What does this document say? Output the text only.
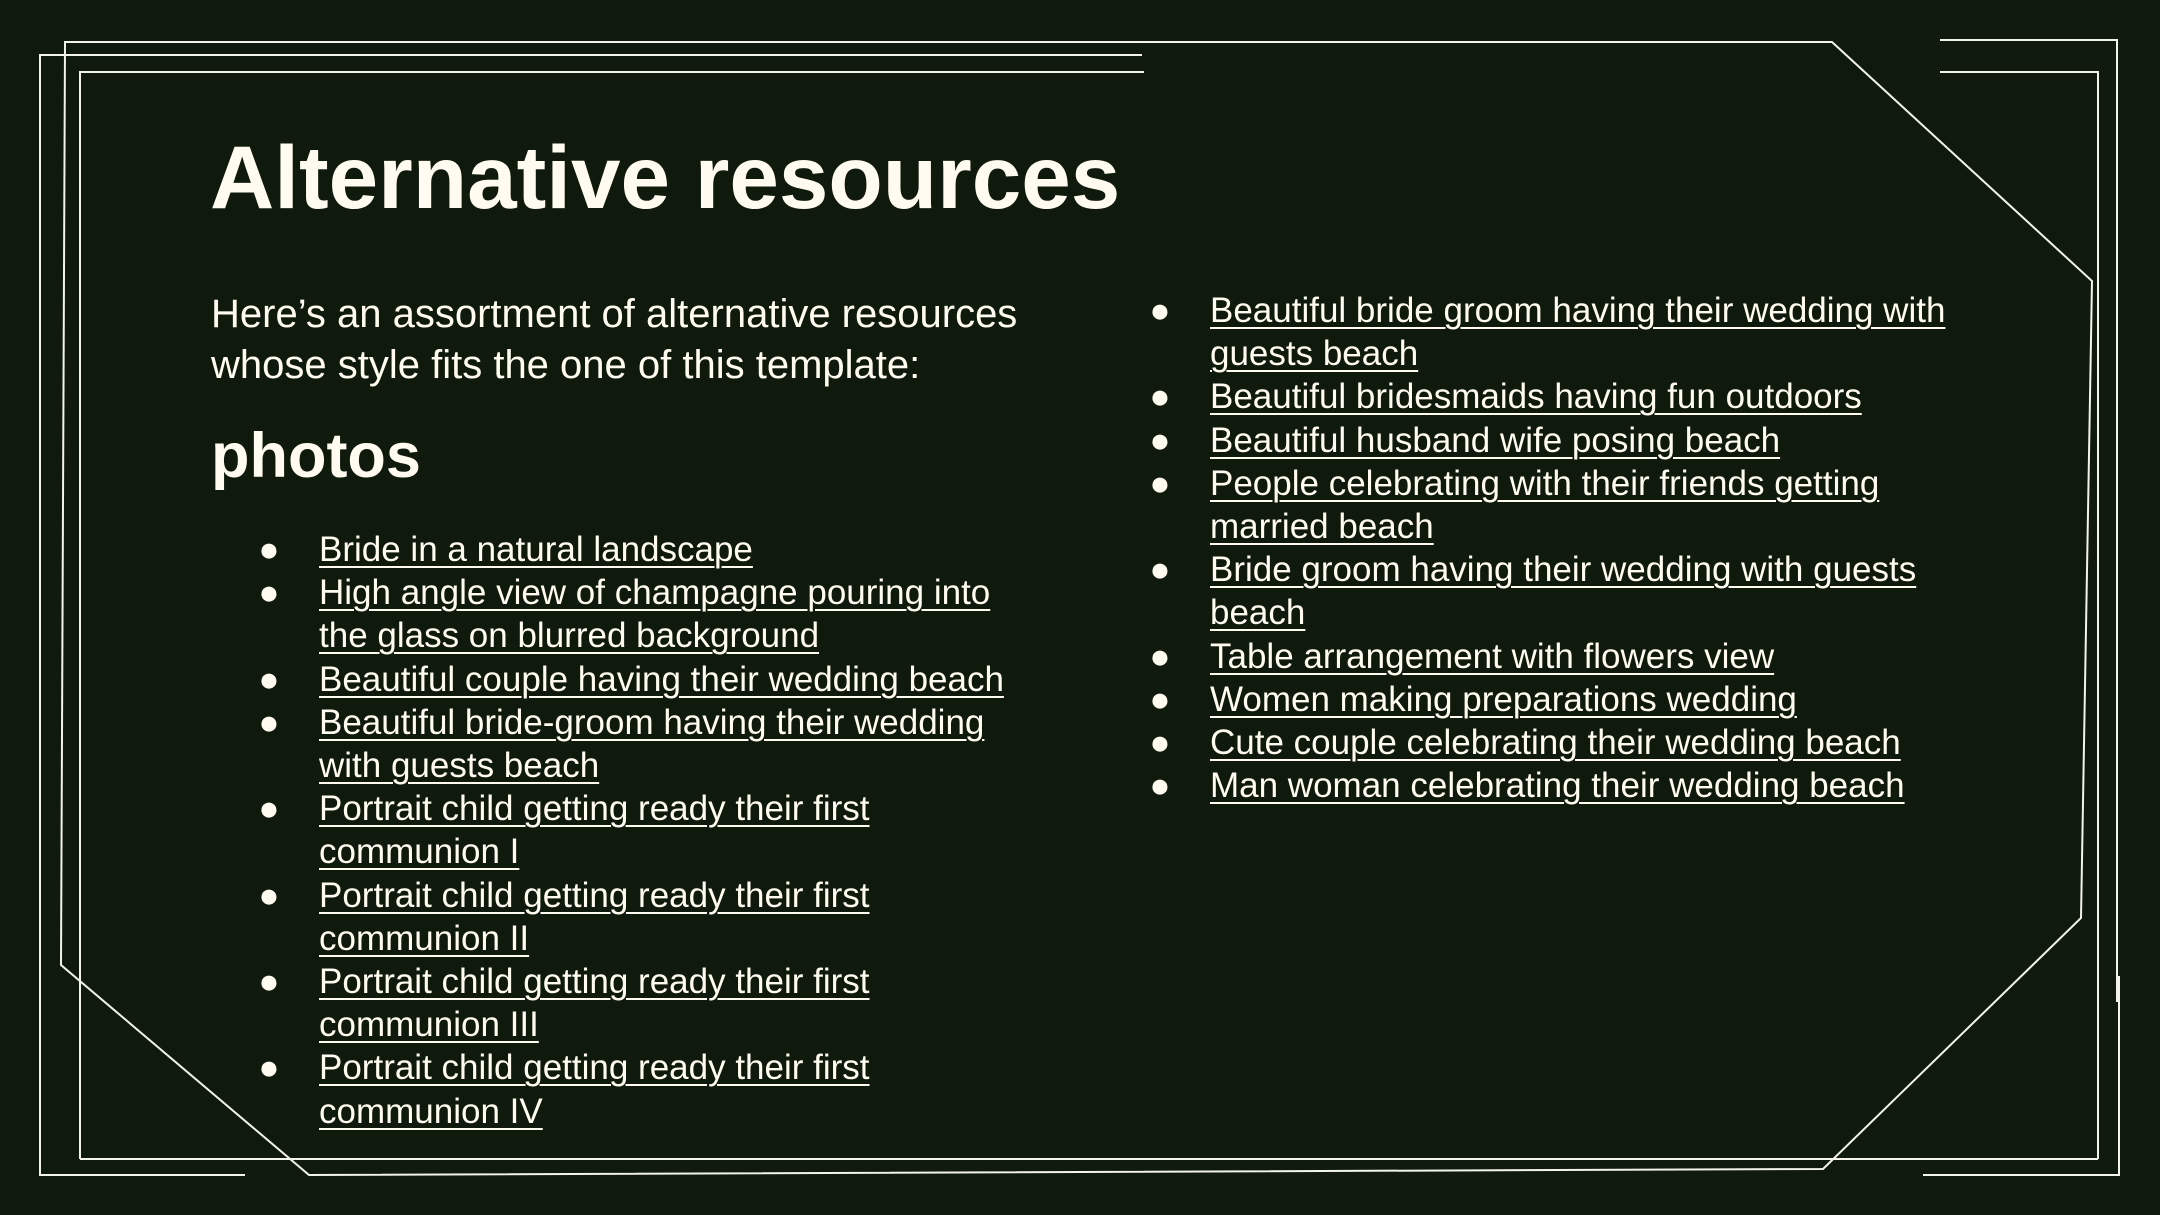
Alternative resources

Here’s an assortment of alternative resources whose style fits the one of this template:

photos
● Bride in a natural landscape
● High angle view of champagne pouring into the glass on blurred background
● Beautiful couple having their wedding beach
● Beautiful bride-groom having their wedding with guests beach
● Portrait child getting ready their first communion I
● Portrait child getting ready their first communion II
● Portrait child getting ready their first communion III
● Portrait child getting ready their first communion IV
● Beautiful bride groom having their wedding with guests beach
● Beautiful bridesmaids having fun outdoors
● Beautiful husband wife posing beach
● People celebrating with their friends getting married beach
● Bride groom having their wedding with guests beach
● Table arrangement with flowers view
● Women making preparations wedding
● Cute couple celebrating their wedding beach
● Man woman celebrating their wedding beach
